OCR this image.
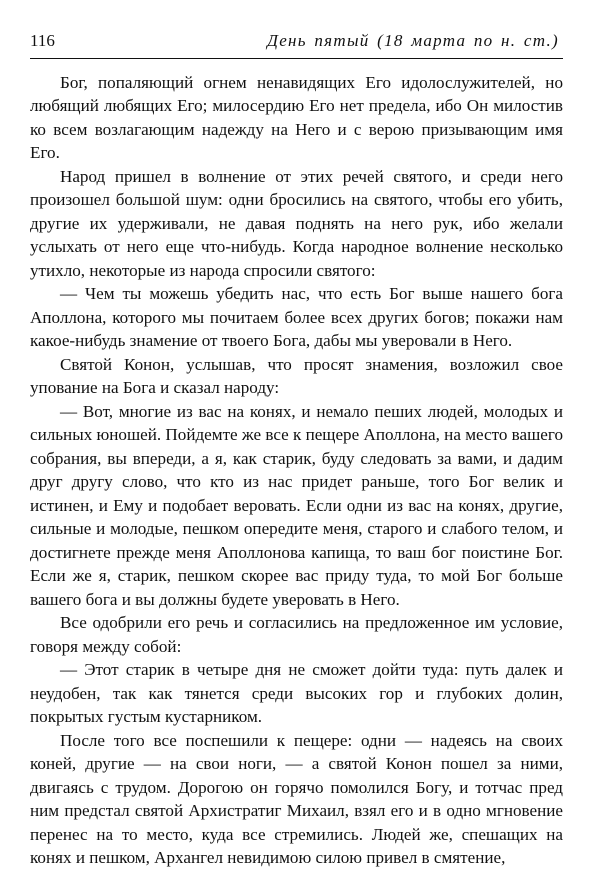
116	День пятый (18 марта по н. ст.)

Бог, попаляющий огнем ненавидящих Его идолослужителей, но любящий любящих Его; милосердию Его нет предела, ибо Он милостив ко всем возлагающим надежду на Него и с верою призывающим имя Его.

Народ пришел в волнение от этих речей святого, и среди него произошел большой шум: одни бросились на святого, чтобы его убить, другие их удерживали, не давая поднять на него рук, ибо желали услыхать от него еще что-нибудь. Когда народное волнение несколько утихло, некоторые из народа спросили святого:

— Чем ты можешь убедить нас, что есть Бог выше нашего бога Аполлона, которого мы почитаем более всех других богов; покажи нам какое-нибудь знамение от твоего Бога, дабы мы уверовали в Него.

Святой Конон, услышав, что просят знамения, возложил свое упование на Бога и сказал народу:

— Вот, многие из вас на конях, и немало пеших людей, молодых и сильных юношей. Пойдемте же все к пещере Аполлона, на место вашего собрания, вы впереди, а я, как старик, буду следовать за вами, и дадим друг другу слово, что кто из нас придет раньше, того Бог велик и истинен, и Ему и подобает веровать. Если одни из вас на конях, другие, сильные и молодые, пешком опередите меня, старого и слабого телом, и достигнете прежде меня Аполлонова капища, то ваш бог поистине Бог. Если же я, старик, пешком скорее вас приду туда, то мой Бог больше вашего бога и вы должны будете уверовать в Него.

Все одобрили его речь и согласились на предложенное им условие, говоря между собой:

— Этот старик в четыре дня не сможет дойти туда: путь далек и неудобен, так как тянется среди высоких гор и глубоких долин, покрытых густым кустарником.

После того все поспешили к пещере: одни — надеясь на своих коней, другие — на свои ноги, — а святой Конон пошел за ними, двигаясь с трудом. Дорогою он горячо помолился Богу, и тотчас пред ним предстал святой Архистратиг Михаил, взял его и в одно мгновение перенес на то место, куда все стремились. Людей же, спешащих на конях и пешком, Архангел невидимою силою привел в смятение,
